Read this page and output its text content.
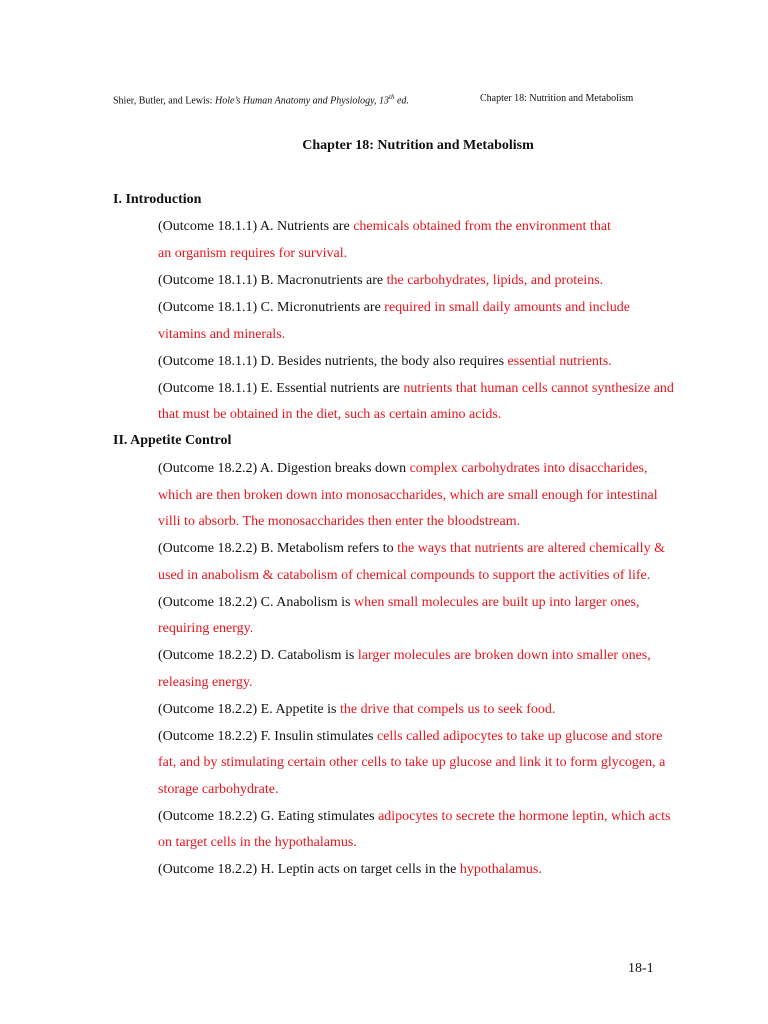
Shier, Butler, and Lewis: Hole’s Human Anatomy and Physiology, 13th ed.	Chapter 18: Nutrition and Metabolism
Chapter 18: Nutrition and Metabolism
I. Introduction
(Outcome 18.1.1) A. Nutrients are chemicals obtained from the environment that
an organism requires for survival.
(Outcome 18.1.1) B. Macronutrients are the carbohydrates, lipids, and proteins.
(Outcome 18.1.1) C. Micronutrients are required in small daily amounts and include
vitamins and minerals.
(Outcome 18.1.1) D. Besides nutrients, the body also requires essential nutrients.
(Outcome 18.1.1) E. Essential nutrients are nutrients that human cells cannot synthesize and
that must be obtained in the diet, such as certain amino acids.
II. Appetite Control
(Outcome 18.2.2) A. Digestion breaks down complex carbohydrates into disaccharides,
which are then broken down into monosaccharides, which are small enough for intestinal
villi to absorb. The monosaccharides then enter the bloodstream.
(Outcome 18.2.2) B. Metabolism refers to the ways that nutrients are altered chemically &
used in anabolism & catabolism of chemical compounds to support the activities of life.
(Outcome 18.2.2) C. Anabolism is when small molecules are built up into larger ones,
requiring energy.
(Outcome 18.2.2) D. Catabolism is larger molecules are broken down into smaller ones,
releasing energy.
(Outcome 18.2.2) E. Appetite is the drive that compels us to seek food.
(Outcome 18.2.2) F. Insulin stimulates cells called adipocytes to take up glucose and store
fat, and by stimulating certain other cells to take up glucose and link it to form glycogen, a
storage carbohydrate.
(Outcome 18.2.2) G. Eating stimulates adipocytes to secrete the hormone leptin, which acts
on target cells in the hypothalamus.
(Outcome 18.2.2) H. Leptin acts on target cells in the hypothalamus.
18-1
